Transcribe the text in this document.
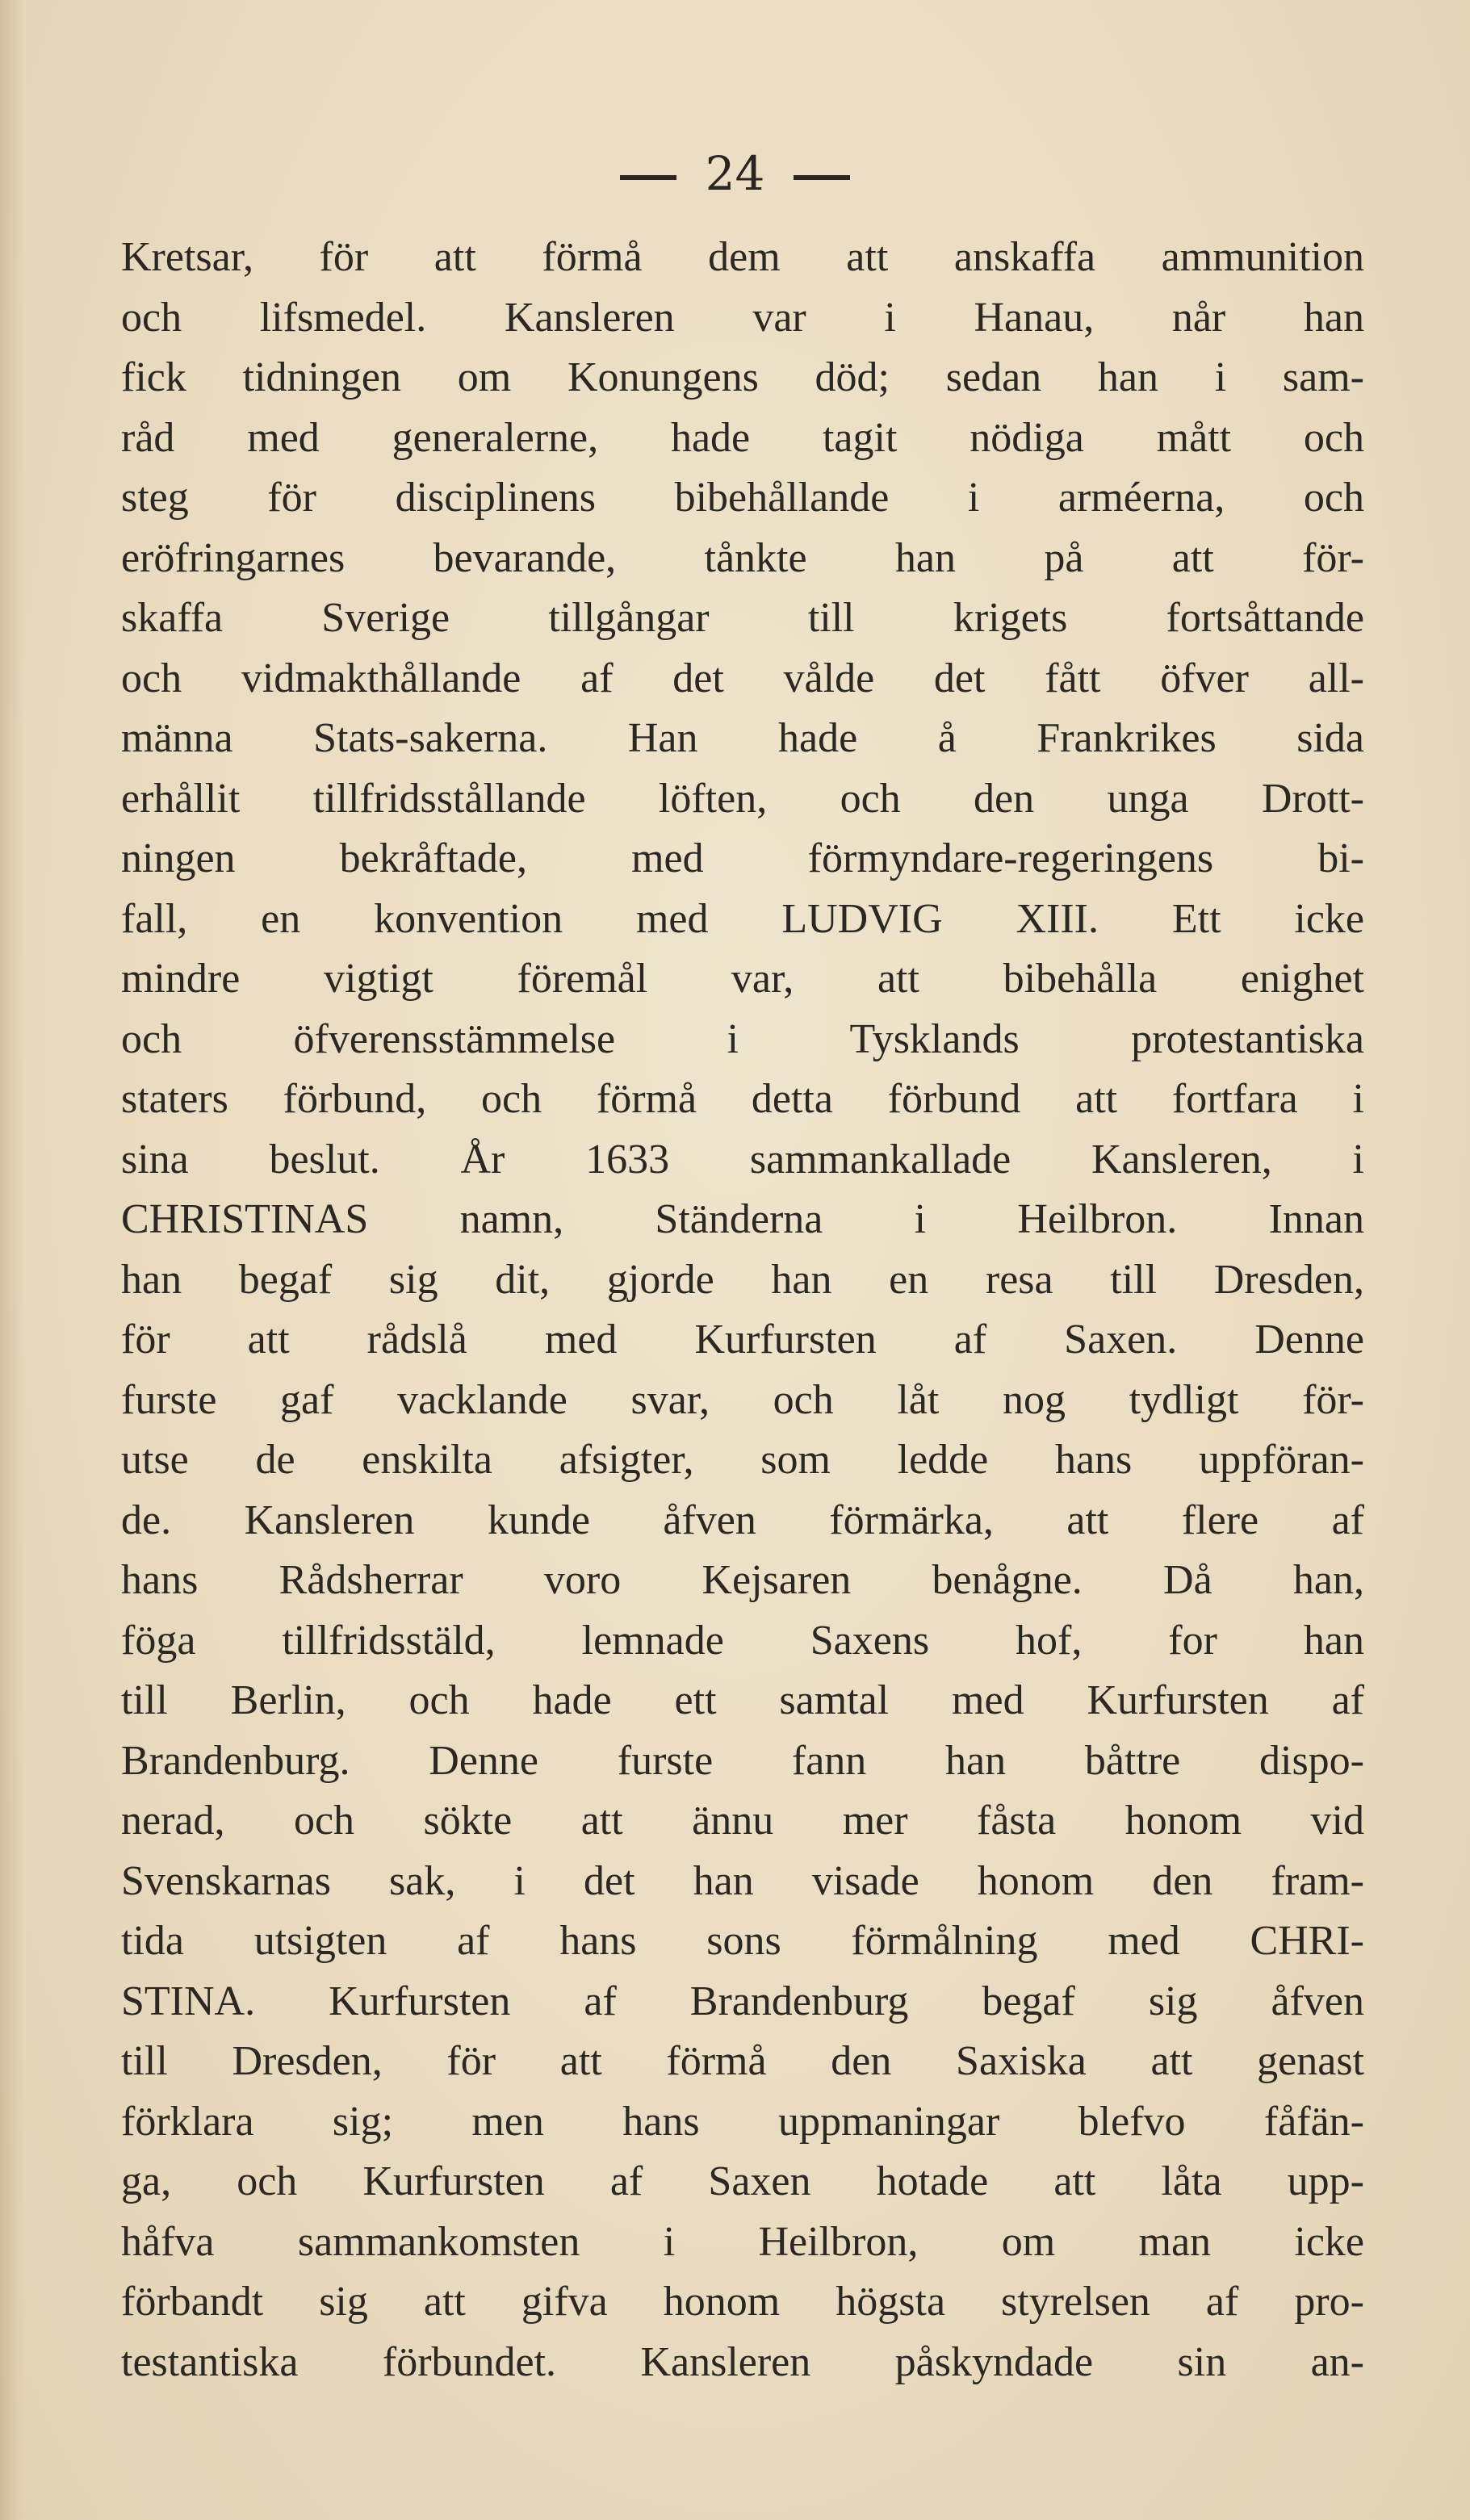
24
Kretsar, för att förmå dem att anskaffa ammunition
och lifsmedel. Kansleren var i Hanau, når han
fick tidningen om Konungens död; sedan han i sam-
råd med generalerne, hade tagit nödiga mått och
steg för disciplinens bibehållande i arméerna, och
eröfringarnes bevarande, tånkte han på att för-
skaffa Sverige tillgångar till krigets fortsåttande
och vidmakthållande af det vålde det fått öfver all-
männa Stats-sakerna. Han hade å Frankrikes sida
erhållit tillfridsstållande löften, och den unga Drott-
ningen bekråftade, med förmyndare-regeringens bi-
fall, en konvention med LUDVIG XIII. Ett icke
mindre vigtigt föremål var, att bibehålla enighet
och öfverensstämmelse i Tysklands protestantiska
staters förbund, och förmå detta förbund att fortfara i
sina beslut. År 1633 sammankallade Kansleren, i
CHRISTINAS namn, Ständerna i Heilbron. Innan
han begaf sig dit, gjorde han en resa till Dresden,
för att rådslå med Kurfursten af Saxen. Denne
furste gaf vacklande svar, och låt nog tydligt för-
utse de enskilta afsigter, som ledde hans uppföran-
de. Kansleren kunde åfven förmärka, att flere af
hans Rådsherrar voro Kejsaren benågne. Då han,
föga tillfridsstäld, lemnade Saxens hof, for han
till Berlin, och hade ett samtal med Kurfursten af
Brandenburg. Denne furste fann han båttre dispo-
nerad, och sökte att ännu mer fåsta honom vid
Svenskarnas sak, i det han visade honom den fram-
tida utsigten af hans sons förmålning med CHRI-
STINA. Kurfursten af Brandenburg begaf sig åfven
till Dresden, för att förmå den Saxiska att genast
förklara sig; men hans uppmaningar blefvo fåfän-
ga, och Kurfursten af Saxen hotade att låta upp-
håfva sammankomsten i Heilbron, om man icke
förbandt sig att gifva honom högsta styrelsen af pro-
testantiska förbundet. Kansleren påskyndade sin an-
